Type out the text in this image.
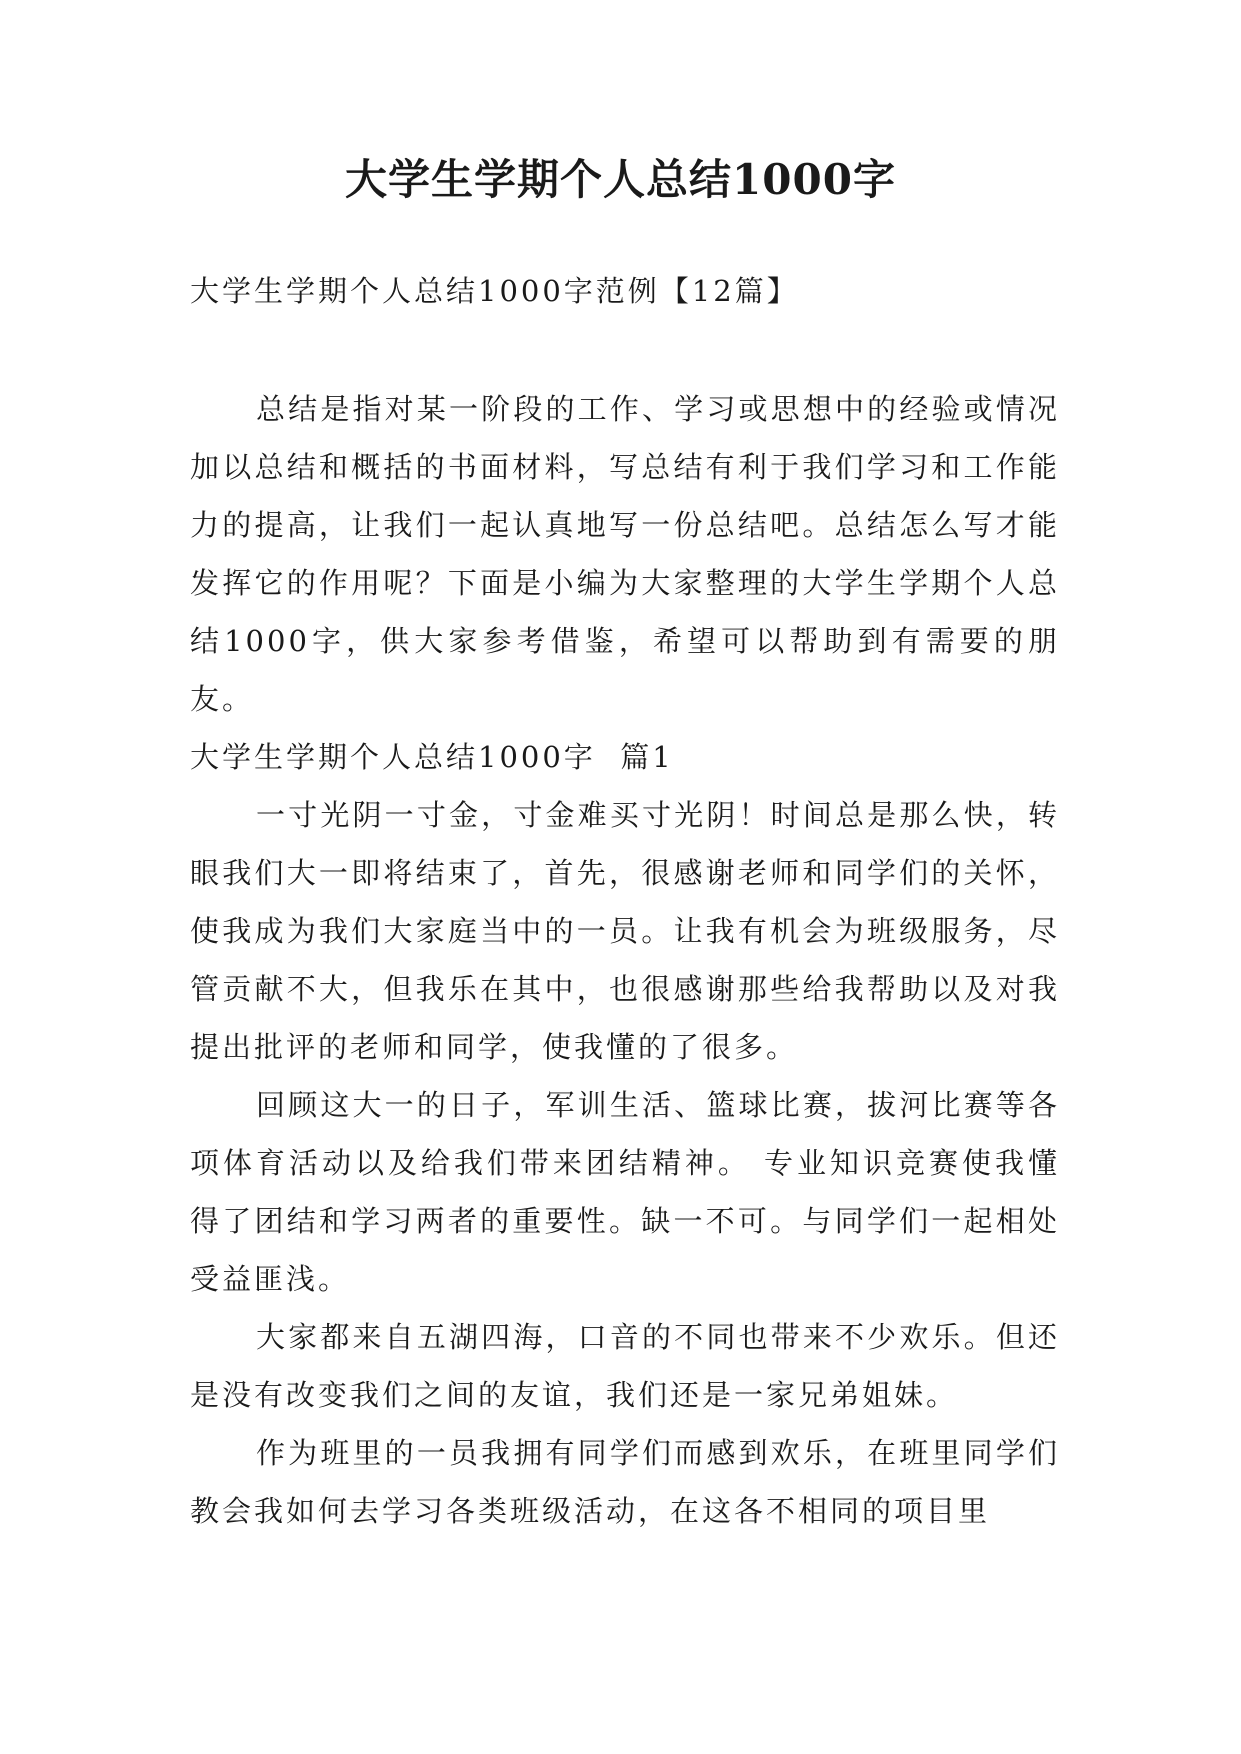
大学生学期个人总结1000字

大学生学期个人总结1000字范例【12篇】

总结是指对某一阶段的工作、学习或思想中的经验或情况加以总结和概括的书面材料，写总结有利于我们学习和工作能力的提高，让我们一起认真地写一份总结吧。总结怎么写才能发挥它的作用呢？下面是小编为大家整理的大学生学期个人总结1000字，供大家参考借鉴，希望可以帮助到有需要的朋友。

大学生学期个人总结1000字  篇1

一寸光阴一寸金，寸金难买寸光阴！时间总是那么快，转眼我们大一即将结束了，首先，很感谢老师和同学们的关怀，使我成为我们大家庭当中的一员。让我有机会为班级服务，尽管贡献不大，但我乐在其中，也很感谢那些给我帮助以及对我提出批评的老师和同学，使我懂的了很多。

回顾这大一的日子，军训生活、篮球比赛，拔河比赛等各项体育活动以及给我们带来团结精神。 专业知识竞赛使我懂得了团结和学习两者的重要性。缺一不可。与同学们一起相处受益匪浅。

大家都来自五湖四海，口音的不同也带来不少欢乐。但还是没有改变我们之间的友谊，我们还是一家兄弟姐妹。

作为班里的一员我拥有同学们而感到欢乐，在班里同学们教会我如何去学习各类班级活动，在这各不相同的项目里
